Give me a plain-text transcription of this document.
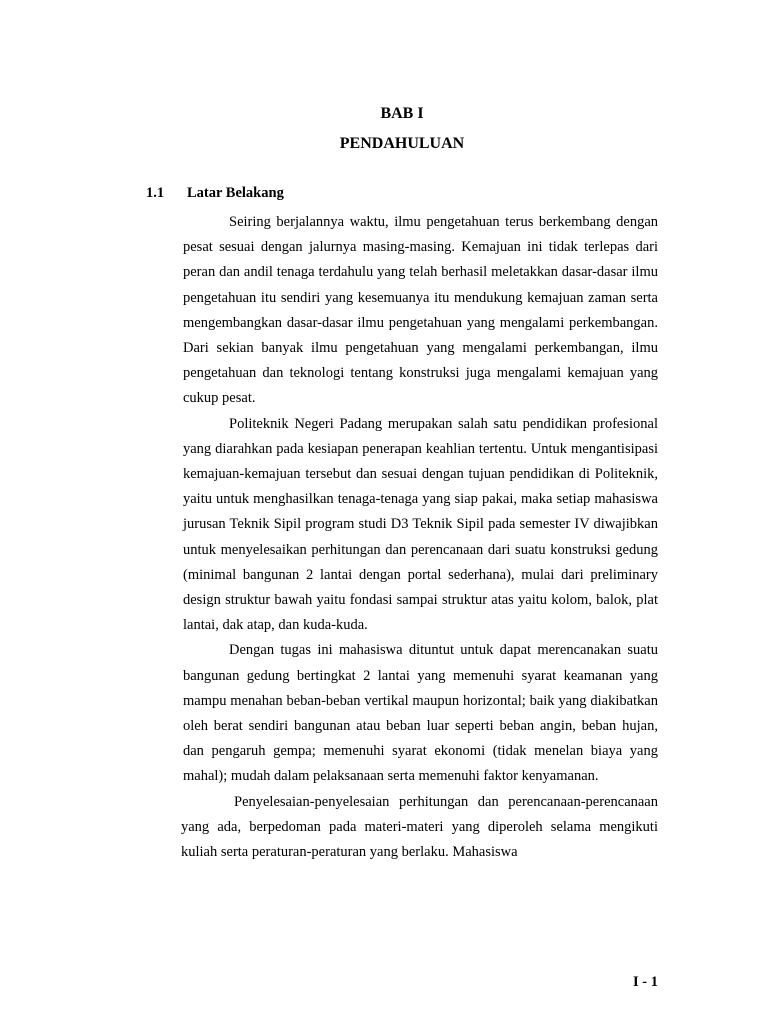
BAB I
PENDAHULUAN
1.1 Latar Belakang

Seiring berjalannya waktu, ilmu pengetahuan terus berkembang dengan pesat sesuai dengan jalurnya masing-masing. Kemajuan ini tidak terlepas dari peran dan andil tenaga terdahulu yang telah berhasil meletakkan dasar-dasar ilmu pengetahuan itu sendiri yang kesemuanya itu mendukung kemajuan zaman serta mengembangkan dasar-dasar ilmu pengetahuan yang mengalami perkembangan. Dari sekian banyak ilmu pengetahuan yang mengalami perkembangan, ilmu pengetahuan dan teknologi tentang konstruksi juga mengalami kemajuan yang cukup pesat.

Politeknik Negeri Padang merupakan salah satu pendidikan profesional yang diarahkan pada kesiapan penerapan keahlian tertentu. Untuk mengantisipasi kemajuan-kemajuan tersebut dan sesuai dengan tujuan pendidikan di Politeknik, yaitu untuk menghasilkan tenaga-tenaga yang siap pakai, maka setiap mahasiswa jurusan Teknik Sipil program studi D3 Teknik Sipil pada semester IV diwajibkan untuk menyelesaikan perhitungan dan perencanaan dari suatu konstruksi gedung (minimal bangunan 2 lantai dengan portal sederhana), mulai dari preliminary design struktur bawah yaitu fondasi sampai struktur atas yaitu kolom, balok, plat lantai, dak atap, dan kuda-kuda.

Dengan tugas ini mahasiswa dituntut untuk dapat merencanakan suatu bangunan gedung bertingkat 2 lantai yang memenuhi syarat keamanan yang mampu menahan beban-beban vertikal maupun horizontal; baik yang diakibatkan oleh berat sendiri bangunan atau beban luar seperti beban angin, beban hujan, dan pengaruh gempa; memenuhi syarat ekonomi (tidak menelan biaya yang mahal); mudah dalam pelaksanaan serta memenuhi faktor kenyamanan.

Penyelesaian-penyelesaian perhitungan dan perencanaan-perencanaan yang ada, berpedoman pada materi-materi yang diperoleh selama mengikuti kuliah serta peraturan-peraturan yang berlaku. Mahasiswa

I - 1
